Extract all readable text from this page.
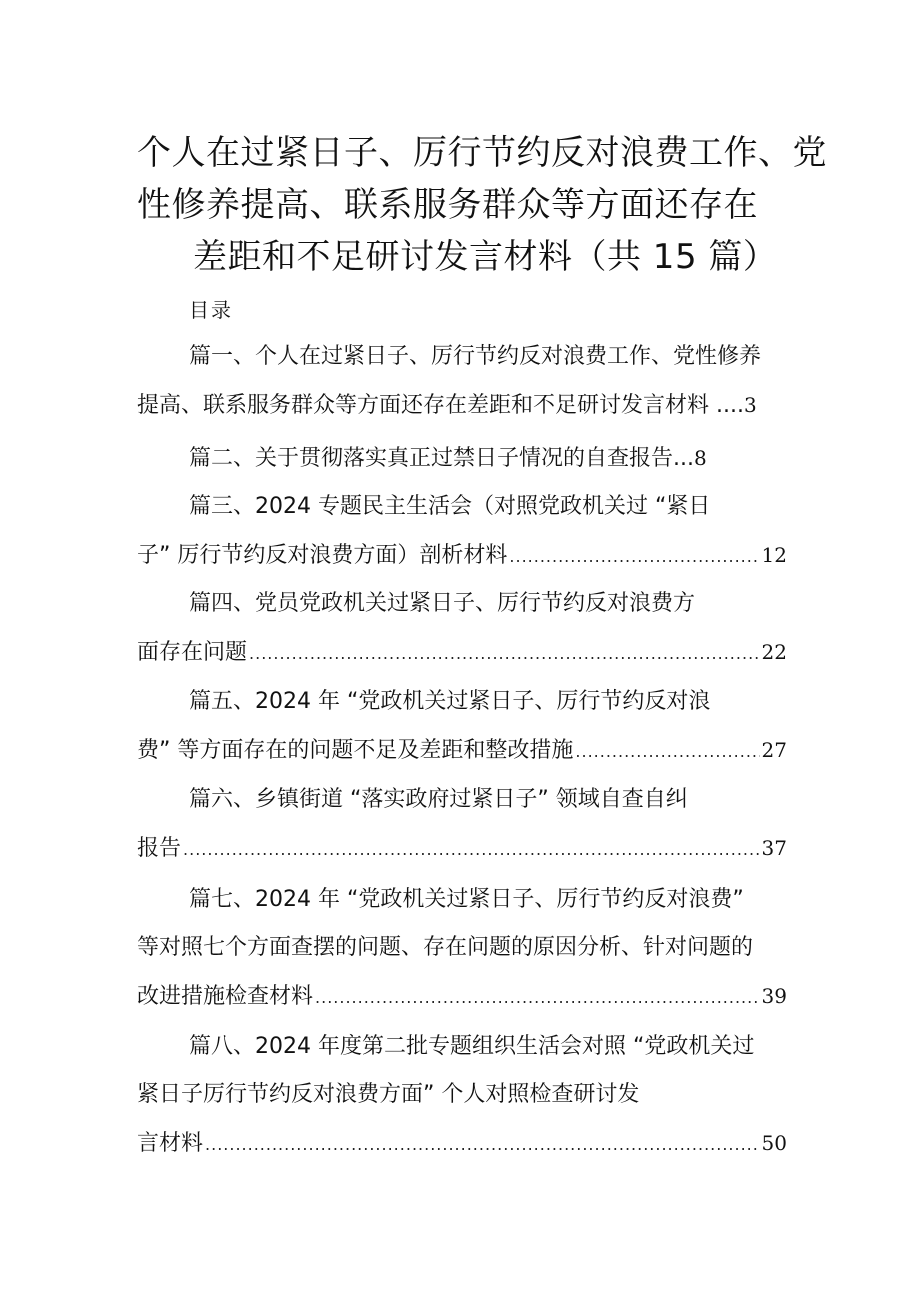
个人在过紧日子、厉行节约反对浪费工作、党
性修养提高、联系服务群众等方面还存在
差距和不足研讨发言材料（共 15 篇）
目录
篇一、个人在过紧日子、厉行节约反对浪费工作、党性修养
提高、联系服务群众等方面还存在差距和不足研讨发言材料 .... 3
篇二、关于贯彻落实真正过禁日子情况的自查报告... 8
篇三、2024 专题民主生活会（对照党政机关过 “紧日
子” 厉行节约反对浪费方面）剖析材料 .....	12
篇四、党员党政机关过紧日子、厉行节约反对浪费方
面存在问题 .....	22
篇五、2024 年 “党政机关过紧日子、厉行节约反对浪
费” 等方面存在的问题不足及差距和整改措施 .....	27
篇六、乡镇街道 “落实政府过紧日子” 领域自查自纠
报告 .....	37
篇七、2024 年 “党政机关过紧日子、厉行节约反对浪费”
等对照七个方面查摆的问题、存在问题的原因分析、针对问题的
改进措施检查材料 .....	39
篇八、2024 年度第二批专题组织生活会对照 “党政机关过
紧日子厉行节约反对浪费方面” 个人对照检查研讨发
言材料 .....	50
